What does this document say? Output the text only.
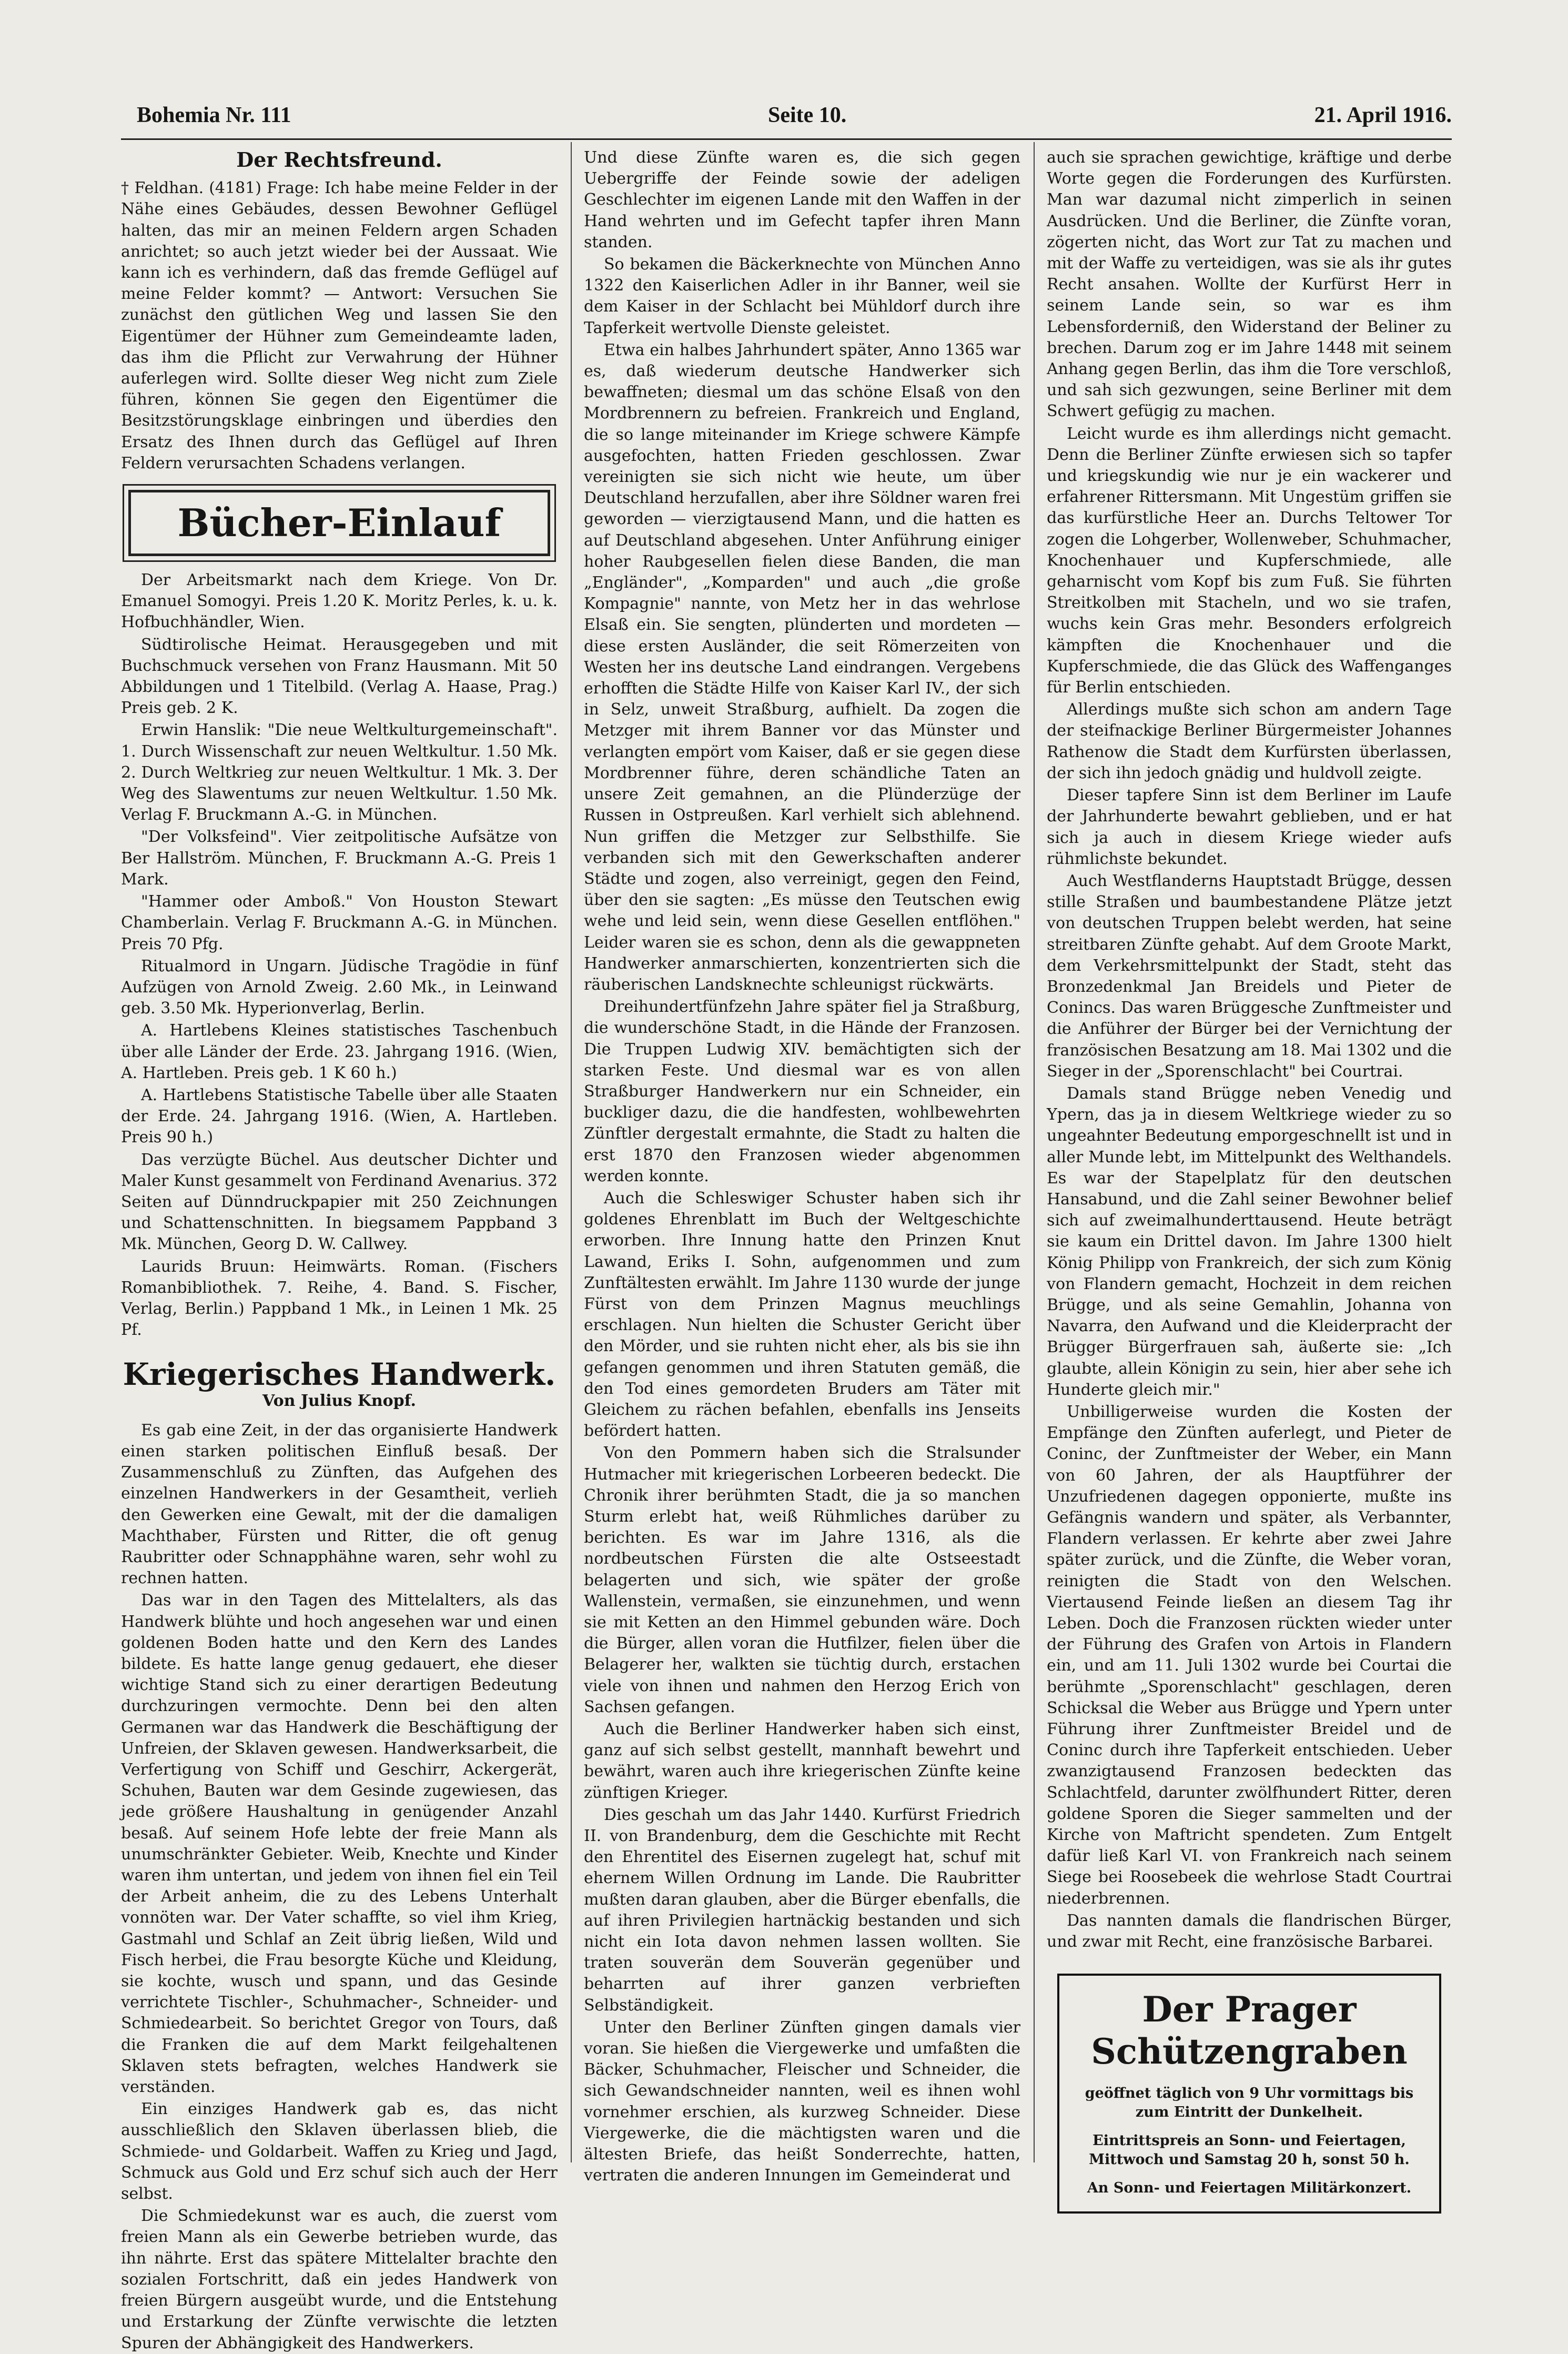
Bohemia Nr. 111	Seite 10.	21. April 1916.
Der Rechtsfreund.

† Feldhan. (4181) Frage: Ich habe meine Felder in der Nähe eines Gebäudes, dessen Bewohner Geflügel halten, das mir an meinen Feldern argen Schaden anrichtet; so auch jetzt wieder bei der Aussaat. Wie kann ich es verhindern, daß das fremde Geflügel auf meine Felder kommt? — Antwort: Versuchen Sie zunächst den gütlichen Weg und lassen Sie den Eigentümer der Hühner zum Gemeindeamte laden, das ihm die Pflicht zur Verwahrung der Hühner auferlegen wird. Sollte dieser Weg nicht zum Ziele führen, können Sie gegen den Eigentümer die Besitzstörungsklage einbringen und überdies den Ersatz des Ihnen durch das Geflügel auf Ihren Feldern verursachten Schadens verlangen.

Bücher-Einlauf

Der Arbeitsmarkt nach dem Kriege. Von Dr. Emanuel Somogyi. Preis 1.20 K. Moritz Perles, k. u. k. Hofbuchhändler, Wien.

Südtirolische Heimat. Herausgegeben und mit Buchschmuck versehen von Franz Hausmann. Mit 50 Abbildungen und 1 Titelbild. (Verlag A. Haase, Prag.) Preis geb. 2 K.

Erwin Hanslik: "Die neue Weltkulturgemeinschaft". 1. Durch Wissenschaft zur neuen Weltkultur. 1.50 Mk. 2. Durch Weltkrieg zur neuen Weltkultur. 1 Mk. 3. Der Weg des Slawentums zur neuen Weltkultur. 1.50 Mk. Verlag F. Bruckmann A.-G. in München.

"Der Volksfeind". Vier zeitpolitische Aufsätze von Ber Hallström. München, F. Bruckmann A.-G. Preis 1 Mark.

"Hammer oder Amboß." Von Houston Stewart Chamberlain. Verlag F. Bruckmann A.-G. in München. Preis 70 Pfg.

Ritualmord in Ungarn. Jüdische Tragödie in fünf Aufzügen von Arnold Zweig. 2.60 Mk., in Leinwand geb. 3.50 Mk. Hyperionverlag, Berlin.

A. Hartlebens Kleines statistisches Taschenbuch über alle Länder der Erde. 23. Jahrgang 1916. (Wien, A. Hartleben. Preis geb. 1 K 60 h.)

A. Hartlebens Statistische Tabelle über alle Staaten der Erde. 24. Jahrgang 1916. (Wien, A. Hartleben. Preis 90 h.)

Das verzügte Büchel. Aus deutscher Dichter und Maler Kunst gesammelt von Ferdinand Avenarius. 372 Seiten auf Dünndruckpapier mit 250 Zeichnungen und Schattenschnitten. In biegsamem Pappband 3 Mk. München, Georg D. W. Callwey.

Laurids Bruun: Heimwärts. Roman. (Fischers Romanbibliothek. 7. Reihe, 4. Band. S. Fischer, Verlag, Berlin.) Pappband 1 Mk., in Leinen 1 Mk. 25 Pf.

Kriegerisches Handwerk.
Von Julius Knopf.

Es gab eine Zeit, in der das organisierte Handwerk einen starken politischen Einfluß besaß. Der Zusammenschluß zu Zünften, das Aufgehen des einzelnen Handwerkers in der Gesamtheit, verlieh den Gewerken eine Gewalt, mit der die damaligen Machthaber, Fürsten und Ritter, die oft genug Raubritter oder Schnapphähne waren, sehr wohl zu rechnen hatten.

Das war in den Tagen des Mittelalters, als das Handwerk blühte und hoch angesehen war und einen goldenen Boden hatte und den Kern des Landes bildete. Es hatte lange genug gedauert, ehe dieser wichtige Stand sich zu einer derartigen Bedeutung durchzuringen vermochte. Denn bei den alten Germanen war das Handwerk die Beschäftigung der Unfreien, der Sklaven gewesen. Handwerksarbeit, die Verfertigung von Schiff und Geschirr, Ackergerät, Schuhen, Bauten war dem Gesinde zugewiesen, das jede größere Haushaltung in genügender Anzahl besaß. Auf seinem Hofe lebte der freie Mann als unumschränkter Gebieter. Weib, Knechte und Kinder waren ihm untertan, und jedem von ihnen fiel ein Teil der Arbeit anheim, die zu des Lebens Unterhalt vonnöten war. Der Vater schaffte, so viel ihm Krieg, Gastmahl und Schlaf an Zeit übrig ließen, Wild und Fisch herbei, die Frau besorgte Küche und Kleidung, sie kochte, wusch und spann, und das Gesinde verrichtete Tischler-, Schuhmacher-, Schneider- und Schmiedearbeit. So berichtet Gregor von Tours, daß die Franken die auf dem Markt feilgehaltenen Sklaven stets befragten, welches Handwerk sie verständen.

Ein einziges Handwerk gab es, das nicht ausschließlich den Sklaven überlassen blieb, die Schmiede- und Goldarbeit. Waffen zu Krieg und Jagd, Schmuck aus Gold und Erz schuf sich auch der Herr selbst.

Die Schmiedekunst war es auch, die zuerst vom freien Mann als ein Gewerbe betrieben wurde, das ihn nährte. Erst das spätere Mittelalter brachte den sozialen Fortschritt, daß ein jedes Handwerk von freien Bürgern ausgeübt wurde, und die Entstehung und Erstarkung der Zünfte verwischte die letzten Spuren der Abhängigkeit des Handwerkers.

Und diese Zünfte waren es, die sich gegen Uebergriffe der Feinde sowie der adeligen Geschlechter im eigenen Lande mit den Waffen in der Hand wehrten und im Gefecht tapfer ihren Mann standen.

So bekamen die Bäckerknechte von München Anno 1322 den Kaiserlichen Adler in ihr Banner, weil sie dem Kaiser in der Schlacht bei Mühldorf durch ihre Tapferkeit wertvolle Dienste geleistet.

Etwa ein halbes Jahrhundert später, Anno 1365 war es, daß wiederum deutsche Handwerker sich bewaffneten; diesmal um das schöne Elsaß von den Mordbrennern zu befreien. Frankreich und England, die so lange miteinander im Kriege schwere Kämpfe ausgefochten, hatten Frieden geschlossen. Zwar vereinigten sie sich nicht wie heute, um über Deutschland herzufallen, aber ihre Söldner waren frei geworden — vierzigtausend Mann, und die hatten es auf Deutschland abgesehen. Unter Anführung einiger hoher Raubgesellen fielen diese Banden, die man „Engländer", „Komparden" und auch „die große Kompagnie" nannte, von Metz her in das wehrlose Elsaß ein. Sie sengten, plünderten und mordeten — diese ersten Ausländer, die seit Römerzeiten von Westen her ins deutsche Land eindrangen. Vergebens erhofften die Städte Hilfe von Kaiser Karl IV., der sich in Selz, unweit Straßburg, aufhielt. Da zogen die Metzger mit ihrem Banner vor das Münster und verlangten empört vom Kaiser, daß er sie gegen diese Mordbrenner führe, deren schändliche Taten an unsere Zeit gemahnen, an die Plünderzüge der Russen in Ostpreußen. Karl verhielt sich ablehnend. Nun griffen die Metzger zur Selbsthilfe. Sie verbanden sich mit den Gewerkschaften anderer Städte und zogen, also verreinigt, gegen den Feind, über den sie sagten: „Es müsse den Teutschen ewig wehe und leid sein, wenn diese Gesellen entflöhen." Leider waren sie es schon, denn als die gewappneten Handwerker anmarschierten, konzentrierten sich die räuberischen Landsknechte schleunigst rückwärts.

Dreihundertfünfzehn Jahre später fiel ja Straßburg, die wunderschöne Stadt, in die Hände der Franzosen. Die Truppen Ludwig XIV. bemächtigten sich der starken Feste. Und diesmal war es von allen Straßburger Handwerkern nur ein Schneider, ein buckliger dazu, die die handfesten, wohlbewehrten Zünftler dergestalt ermahnte, die Stadt zu halten die erst 1870 den Franzosen wieder abgenommen werden konnte.

Auch die Schleswiger Schuster haben sich ihr goldenes Ehrenblatt im Buch der Weltgeschichte erworben. Ihre Innung hatte den Prinzen Knut Lawand, Eriks I. Sohn, aufgenommen und zum Zunftältesten erwählt. Im Jahre 1130 wurde der junge Fürst von dem Prinzen Magnus meuchlings erschlagen. Nun hielten die Schuster Gericht über den Mörder, und sie ruhten nicht eher, als bis sie ihn gefangen genommen und ihren Statuten gemäß, die den Tod eines gemordeten Bruders am Täter mit Gleichem zu rächen befahlen, ebenfalls ins Jenseits befördert hatten.

Von den Pommern haben sich die Stralsunder Hutmacher mit kriegerischen Lorbeeren bedeckt. Die Chronik ihrer berühmten Stadt, die ja so manchen Sturm erlebt hat, weiß Rühmliches darüber zu berichten. Es war im Jahre 1316, als die nordbeutschen Fürsten die alte Ostseestadt belagerten und sich, wie später der große Wallenstein, vermaßen, sie einzunehmen, und wenn sie mit Ketten an den Himmel gebunden wäre. Doch die Bürger, allen voran die Hutfilzer, fielen über die Belagerer her, walkten sie tüchtig durch, erstachen viele von ihnen und nahmen den Herzog Erich von Sachsen gefangen.

Auch die Berliner Handwerker haben sich einst, ganz auf sich selbst gestellt, mannhaft bewehrt und bewährt, waren auch ihre kriegerischen Zünfte keine zünftigen Krieger.

Dies geschah um das Jahr 1440. Kurfürst Friedrich II. von Brandenburg, dem die Geschichte mit Recht den Ehrentitel des Eisernen zugelegt hat, schuf mit ehernem Willen Ordnung im Lande. Die Raubritter mußten daran glauben, aber die Bürger ebenfalls, die auf ihren Privilegien hartnäckig bestanden und sich nicht ein Iota davon nehmen lassen wollten. Sie traten souverän dem Souverän gegenüber und beharrten auf ihrer ganzen verbrieften Selbständigkeit.

Unter den Berliner Zünften gingen damals vier voran. Sie hießen die Viergewerke und umfaßten die Bäcker, Schuhmacher, Fleischer und Schneider, die sich Gewandschneider nannten, weil es ihnen wohl vornehmer erschien, als kurzweg Schneider. Diese Viergewerke, die die mächtigsten waren und die ältesten Briefe, das heißt Sonderrechte, hatten, vertraten die anderen Innungen im Gemeinderat und

auch sie sprachen gewichtige, kräftige und derbe Worte gegen die Forderungen des Kurfürsten. Man war dazumal nicht zimperlich in seinen Ausdrücken. Und die Berliner, die Zünfte voran, zögerten nicht, das Wort zur Tat zu machen und mit der Waffe zu verteidigen, was sie als ihr gutes Recht ansahen. Wollte der Kurfürst Herr in seinem Lande sein, so war es ihm Lebensforderniß, den Widerstand der Beliner zu brechen. Darum zog er im Jahre 1448 mit seinem Anhang gegen Berlin, das ihm die Tore verschloß, und sah sich gezwungen, seine Berliner mit dem Schwert gefügig zu machen.

Leicht wurde es ihm allerdings nicht gemacht. Denn die Berliner Zünfte erwiesen sich so tapfer und kriegskundig wie nur je ein wackerer und erfahrener Rittersmann. Mit Ungestüm griffen sie das kurfürstliche Heer an. Durchs Teltower Tor zogen die Lohgerber, Wollenweber, Schuhmacher, Knochenhauer und Kupferschmiede, alle geharnischt vom Kopf bis zum Fuß. Sie führten Streitkolben mit Stacheln, und wo sie trafen, wuchs kein Gras mehr. Besonders erfolgreich kämpften die Knochenhauer und die Kupferschmiede, die das Glück des Waffenganges für Berlin entschieden.

Allerdings mußte sich schon am andern Tage der steifnackige Berliner Bürgermeister Johannes Rathenow die Stadt dem Kurfürsten überlassen, der sich ihn jedoch gnädig und huldvoll zeigte.

Dieser tapfere Sinn ist dem Berliner im Laufe der Jahrhunderte bewahrt geblieben, und er hat sich ja auch in diesem Kriege wieder aufs rühmlichste bekundet.

Auch Westflanderns Hauptstadt Brügge, dessen stille Straßen und baumbestandene Plätze jetzt von deutschen Truppen belebt werden, hat seine streitbaren Zünfte gehabt. Auf dem Groote Markt, dem Verkehrsmittelpunkt der Stadt, steht das Bronzedenkmal Jan Breidels und Pieter de Conincs. Das waren Brüggesche Zunftmeister und die Anführer der Bürger bei der Vernichtung der französischen Besatzung am 18. Mai 1302 und die Sieger in der „Sporenschlacht" bei Courtrai.

Damals stand Brügge neben Venedig und Ypern, das ja in diesem Weltkriege wieder zu so ungeahnter Bedeutung emporgeschnellt ist und in aller Munde lebt, im Mittelpunkt des Welthandels. Es war der Stapelplatz für den deutschen Hansabund, und die Zahl seiner Bewohner belief sich auf zweimalhunderttausend. Heute beträgt sie kaum ein Drittel davon. Im Jahre 1300 hielt König Philipp von Frankreich, der sich zum König von Flandern gemacht, Hochzeit in dem reichen Brügge, und als seine Gemahlin, Johanna von Navarra, den Aufwand und die Kleiderpracht der Brügger Bürgerfrauen sah, äußerte sie: „Ich glaubte, allein Königin zu sein, hier aber sehe ich Hunderte gleich mir."

Unbilligerweise wurden die Kosten der Empfänge den Zünften auferlegt, und Pieter de Coninc, der Zunftmeister der Weber, ein Mann von 60 Jahren, der als Hauptführer der Unzufriedenen dagegen opponierte, mußte ins Gefängnis wandern und später, als Verbannter, Flandern verlassen. Er kehrte aber zwei Jahre später zurück, und die Zünfte, die Weber voran, reinigten die Stadt von den Welschen. Viertausend Feinde ließen an diesem Tag ihr Leben. Doch die Franzosen rückten wieder unter der Führung des Grafen von Artois in Flandern ein, und am 11. Juli 1302 wurde bei Courtai die berühmte „Sporenschlacht" geschlagen, deren Schicksal die Weber aus Brügge und Ypern unter Führung ihrer Zunftmeister Breidel und de Coninc durch ihre Tapferkeit entschieden. Ueber zwanzigtausend Franzosen bedeckten das Schlachtfeld, darunter zwölfhundert Ritter, deren goldene Sporen die Sieger sammelten und der Kirche von Maftricht spendeten. Zum Entgelt dafür ließ Karl VI. von Frankreich nach seinem Siege bei Roosebeek die wehrlose Stadt Courtrai niederbrennen.

Das nannten damals die flandrischen Bürger, und zwar mit Recht, eine französische Barbarei.

Der Prager Schützengraben
geöffnet täglich von 9 Uhr vormittags bis
zum Eintritt der Dunkelheit.
Eintrittspreis an Sonn- und Feiertagen,
Mittwoch und Samstag 20 h, sonst 50 h.
An Sonn- und Feiertagen Militärkonzert.
